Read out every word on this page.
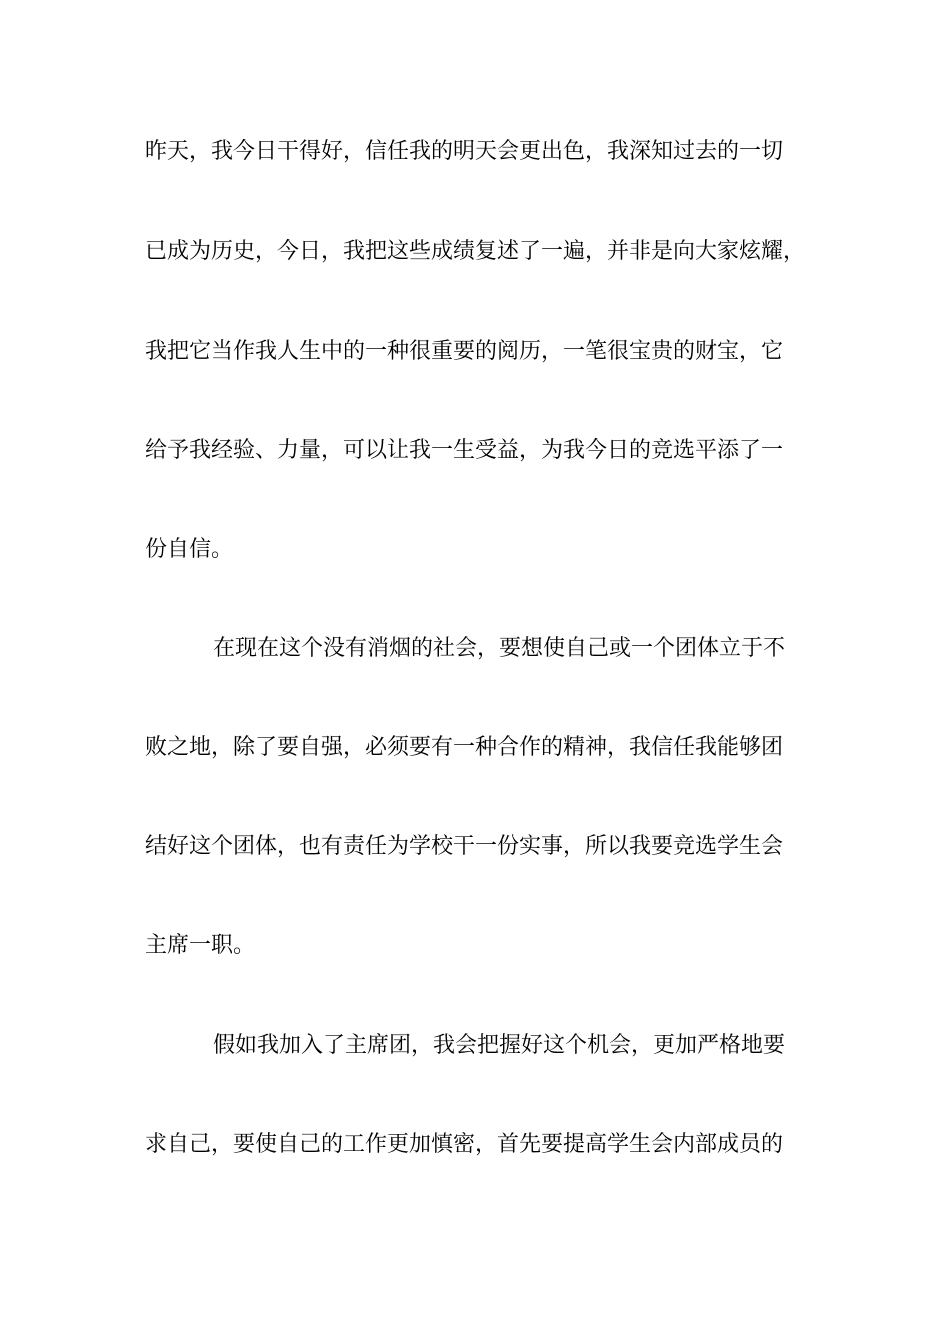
昨天，我今日干得好，信任我的明天会更出色，我深知过去的一切

已成为历史，今日，我把这些成绩复述了一遍，并非是向大家炫耀，

我把它当作我人生中的一种很重要的阅历，一笔很宝贵的财宝，它

给予我经验、力量，可以让我一生受益，为我今日的竞选平添了一

份自信。

在现在这个没有消烟的社会，要想使自己或一个团体立于不

败之地，除了要自强，必须要有一种合作的精神，我信任我能够团

结好这个团体，也有责任为学校干一份实事，所以我要竞选学生会

主席一职。

假如我加入了主席团，我会把握好这个机会，更加严格地要

求自己，要使自己的工作更加慎密，首先要提高学生会内部成员的
